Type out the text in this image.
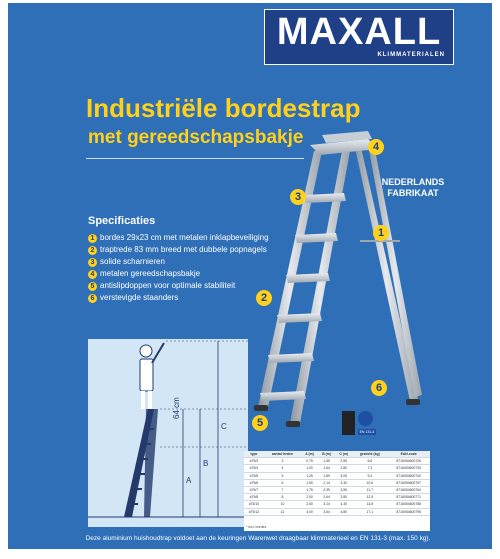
MAXALL
KLIMMATERIALEN
Industriële bordestrap
met gereedschapsbakje
NEDERLANDS
FABRIKAAT
Specificaties
1 bordes 29x23 cm met metalen inklapbeveiliging
2 traptrede 83 mm breed met dubbele popnagels
3 solide scharnieren
4 metalen gereedschapsbakje
5 antislipdoppen voor optimale stabiliteit
6 verstevigde staanders
4
3
1
2
6
5
EN 131-3
64 cm
A
B
C
type	aantal treden	A (m)	B (m)	C (m)	gewicht (kg)	EAN-code
#75/3	3	0,75	1,55	2,55	6,6	8716054600726
#75/4	4	1,00	1,64	2,80	7,3	8716054600733
#75/5	5	1,25	1,89	3,05	9,4	8716054600740
#75/6	6	1,50	2,14	3,30	10,6	8716054600757
#75/7	7	1,75	2,39	3,55	11,7	8716054600764
#75/8	8	2,00	2,64	3,80	12,5	8716054600771
#75/10	10	2,50	3,14	4,30	14,8	8716054600788
#75/12	12	3,00	3,64	4,80	17,1	8716054600795
* incl. bordes
Deze aluminium huishoudtrap voldoet aan de keuringen Warenwet draagbaar klimmaterieel en EN 131-3 (max. 150 kg).
